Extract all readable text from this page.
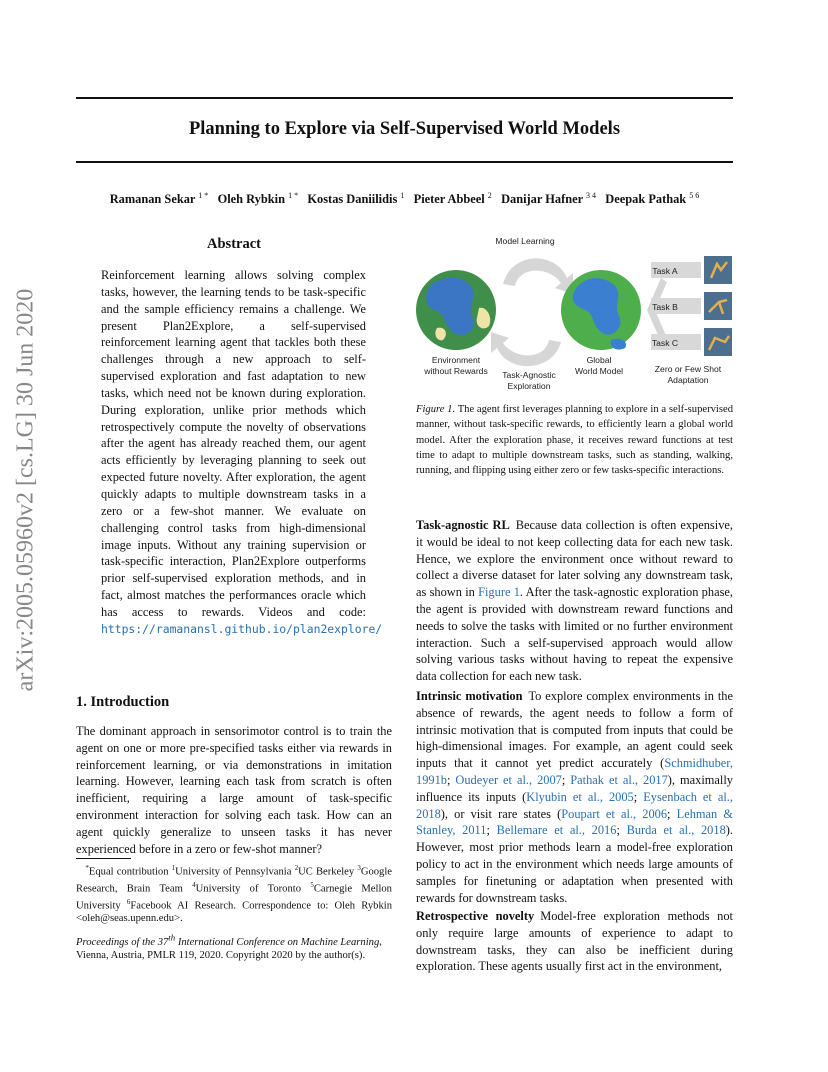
arXiv:2005.05960v2 [cs.LG] 30 Jun 2020
Planning to Explore via Self-Supervised World Models
Ramanan Sekar $^{1 *}$ Oleh Rybkin $^{1 *}$ Kostas Daniilidis $^1$ Pieter Abbeel $^2$ Danijar Hafner $^{3 4}$ Deepak Pathak $^{5 6}$
Abstract
Reinforcement learning allows solving complex tasks, however, the learning tends to be task-specific and the sample efficiency remains a challenge. We present Plan2Explore, a self-supervised reinforcement learning agent that tackles both these challenges through a new approach to self-supervised exploration and fast adaptation to new tasks, which need not be known during exploration. During exploration, unlike prior methods which retrospectively compute the novelty of observations after the agent has already reached them, our agent acts efficiently by leveraging planning to seek out expected future novelty. After exploration, the agent quickly adapts to multiple downstream tasks in a zero or a few-shot manner. We evaluate on challenging control tasks from high-dimensional image inputs. Without any training supervision or task-specific interaction, Plan2Explore outperforms prior self-supervised exploration methods, and in fact, almost matches the performances oracle which has access to rewards. Videos and code: https://ramanansl.github.io/plan2explore/
1. Introduction
The dominant approach in sensorimotor control is to train the agent on one or more pre-specified tasks either via rewards in reinforcement learning, or via demonstrations in imitation learning. However, learning each task from scratch is often inefficient, requiring a large amount of task-specific environment interaction for solving each task. How can an agent quickly generalize to unseen tasks it has never experienced before in a zero or few-shot manner?
*Equal contribution $^1$University of Pennsylvania $^2$UC Berkeley $^3$Google Research, Brain Team $^4$University of Toronto $^5$Carnegie Mellon University $^6$Facebook AI Research. Correspondence to: Oleh Rybkin <oleh@seas.upenn.edu>.
Proceedings of the 37th International Conference on Machine Learning, Vienna, Austria, PMLR 119, 2020. Copyright 2020 by the author(s).
Model Learning
Task A
Task B
Task C
Environment
without Rewards Task-Agnostic
Exploration
Global
World Model	Zero or Few Shot
Adaptation
Figure 1. The agent first leverages planning to explore in a self-supervised manner, without task-specific rewards, to efficiently learn a global world model. After the exploration phase, it receives reward functions at test time to adapt to multiple downstream tasks, such as standing, walking, running, and flipping using either zero or few tasks-specific interactions.
Task-agnostic RL Because data collection is often expensive, it would be ideal to not keep collecting data for each new task. Hence, we explore the environment once without reward to collect a diverse dataset for later solving any downstream task, as shown in Figure 1. After the task-agnostic exploration phase, the agent is provided with downstream reward functions and needs to solve the tasks with limited or no further environment interaction. Such a self-supervised approach would allow solving various tasks without having to repeat the expensive data collection for each new task.
Intrinsic motivation To explore complex environments in the absence of rewards, the agent needs to follow a form of intrinsic motivation that is computed from inputs that could be high-dimensional images. For example, an agent could seek inputs that it cannot yet predict accurately (Schmidhuber, 1991b; Oudeyer et al., 2007; Pathak et al., 2017), maximally influence its inputs (Klyubin et al., 2005; Eysenbach et al., 2018), or visit rare states (Poupart et al., 2006; Lehman & Stanley, 2011; Bellemare et al., 2016; Burda et al., 2018). However, most prior methods learn a model-free exploration policy to act in the environment which needs large amounts of samples for finetuning or adaptation when presented with rewards for downstream tasks.
Retrospective novelty Model-free exploration methods not only require large amounts of experience to adapt to downstream tasks, they can also be inefficient during exploration. These agents usually first act in the environment,
